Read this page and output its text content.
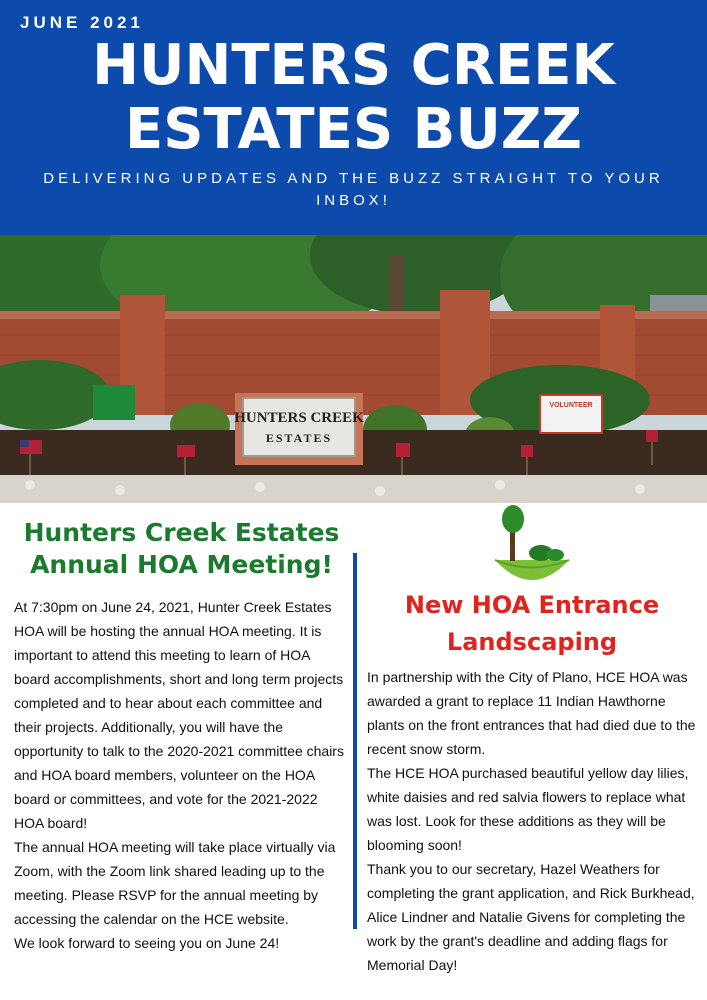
JUNE 2021
HUNTERS CREEK
ESTATES BUZZ
DELIVERING UPDATES AND THE BUZZ STRAIGHT TO YOUR INBOX!
HUNTERS CREEK
ESTATES
VOLUNTEER
Hunters Creek Estates
Annual HOA Meeting!

At 7:30pm on June 24, 2021, Hunter Creek Estates HOA will be hosting the annual HOA meeting. It is important to attend this meeting to learn of HOA board accomplishments, short and long term projects completed and to hear about each committee and their projects. Additionally, you will have the opportunity to talk to the 2020-2021 committee chairs and HOA board members, volunteer on the HOA board or committees, and vote for the 2021-2022 HOA board!

The annual HOA meeting will take place virtually via Zoom, with the Zoom link shared leading up to the meeting. Please RSVP for the annual meeting by accessing the calendar on the HCE website.

We look forward to seeing you on June 24!

New HOA Entrance
Landscaping

In partnership with the City of Plano, HCE HOA was awarded a grant to replace 11 Indian Hawthorne plants on the front entrances that had died due to the recent snow storm.

The HCE HOA purchased beautiful yellow day lilies, white daisies and red salvia flowers to replace what was lost. Look for these additions as they will be blooming soon!

Thank you to our secretary, Hazel Weathers for completing the grant application, and Rick Burkhead, Alice Lindner and Natalie Givens for completing the work by the grant's deadline and adding flags for Memorial Day!
